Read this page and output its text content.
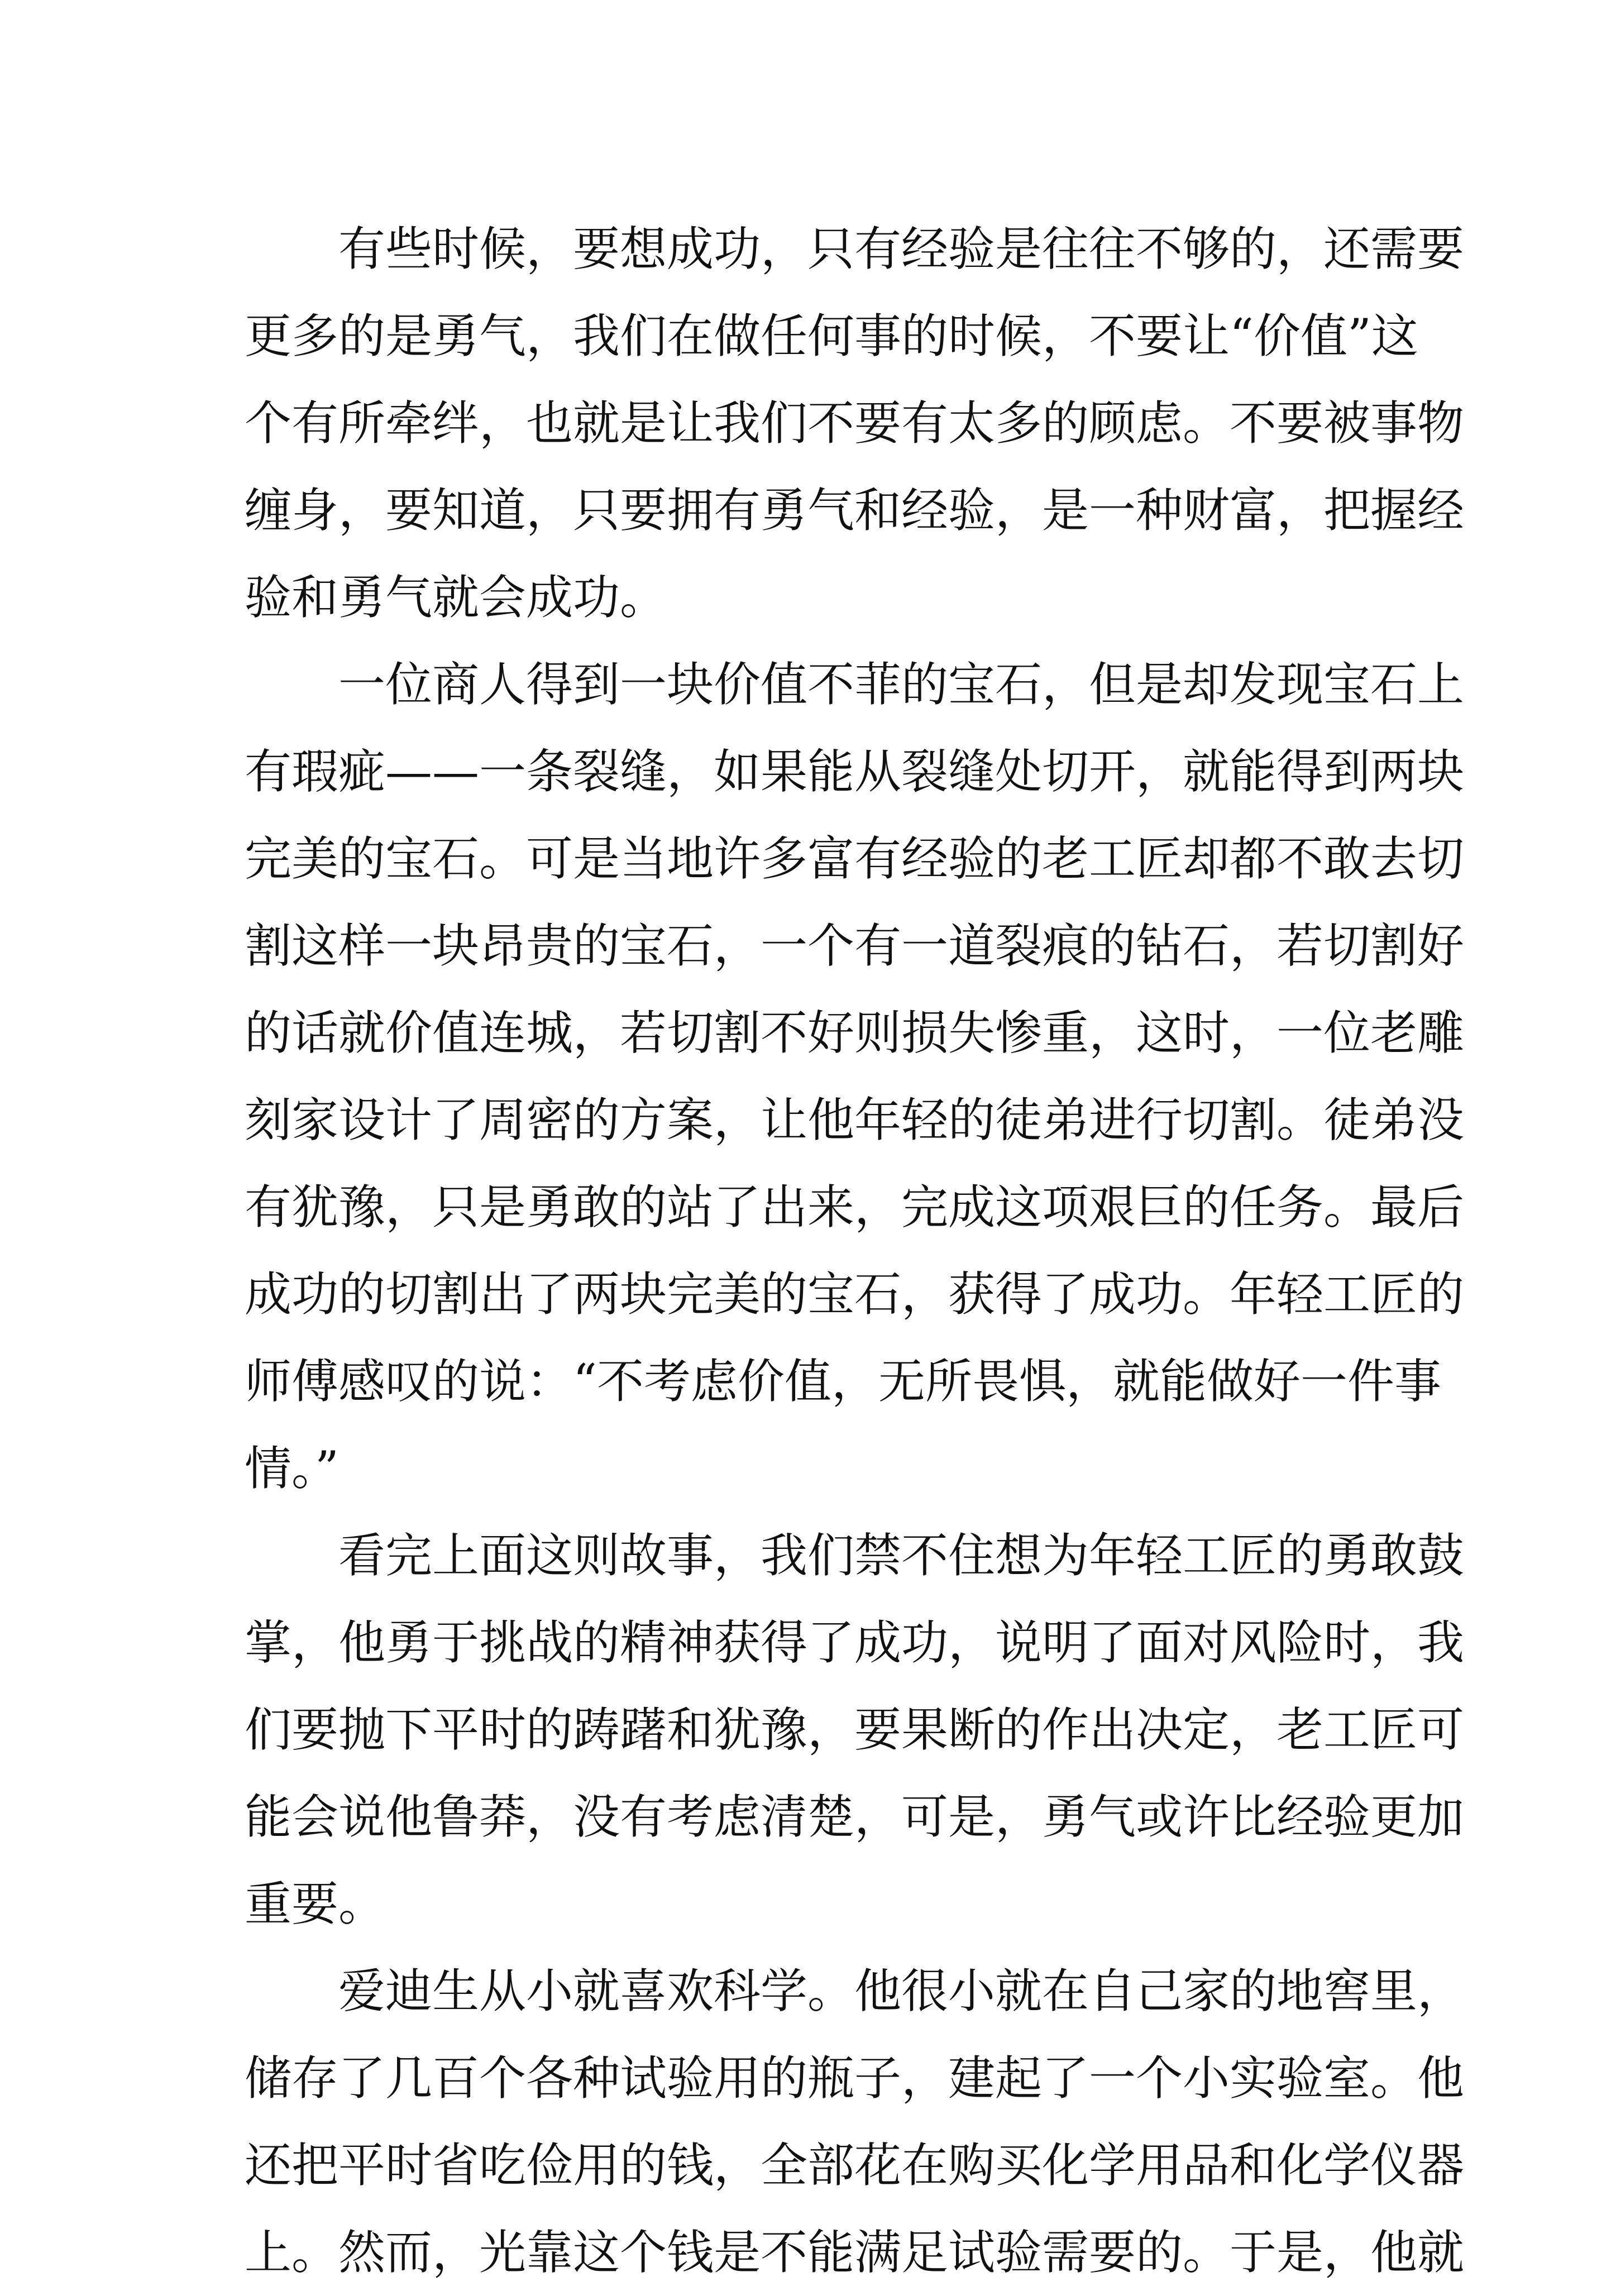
有些时候，要想成功，只有经验是往往不够的，还需要
更多的是勇气，我们在做任何事的时候，不要让“价值”这
个有所牵绊，也就是让我们不要有太多的顾虑。不要被事物
缠身，要知道，只要拥有勇气和经验，是一种财富，把握经
验和勇气就会成功。
一位商人得到一块价值不菲的宝石，但是却发现宝石上
有瑕疵——一条裂缝，如果能从裂缝处切开，就能得到两块
完美的宝石。可是当地许多富有经验的老工匠却都不敢去切
割这样一块昂贵的宝石，一个有一道裂痕的钻石，若切割好
的话就价值连城，若切割不好则损失惨重，这时，一位老雕
刻家设计了周密的方案，让他年轻的徒弟进行切割。徒弟没
有犹豫，只是勇敢的站了出来，完成这项艰巨的任务。最后
成功的切割出了两块完美的宝石，获得了成功。年轻工匠的
师傅感叹的说：“不考虑价值，无所畏惧，就能做好一件事
情。”
看完上面这则故事，我们禁不住想为年轻工匠的勇敢鼓
掌，他勇于挑战的精神获得了成功，说明了面对风险时，我
们要抛下平时的踌躇和犹豫，要果断的作出决定，老工匠可
能会说他鲁莽，没有考虑清楚，可是，勇气或许比经验更加
重要。
爱迪生从小就喜欢科学。他很小就在自己家的地窖里，
储存了几百个各种试验用的瓶子，建起了一个小实验室。他
还把平时省吃俭用的钱，全部花在购买化学用品和化学仪器
上。然而，光靠这个钱是不能满足试验需要的。于是，他就
